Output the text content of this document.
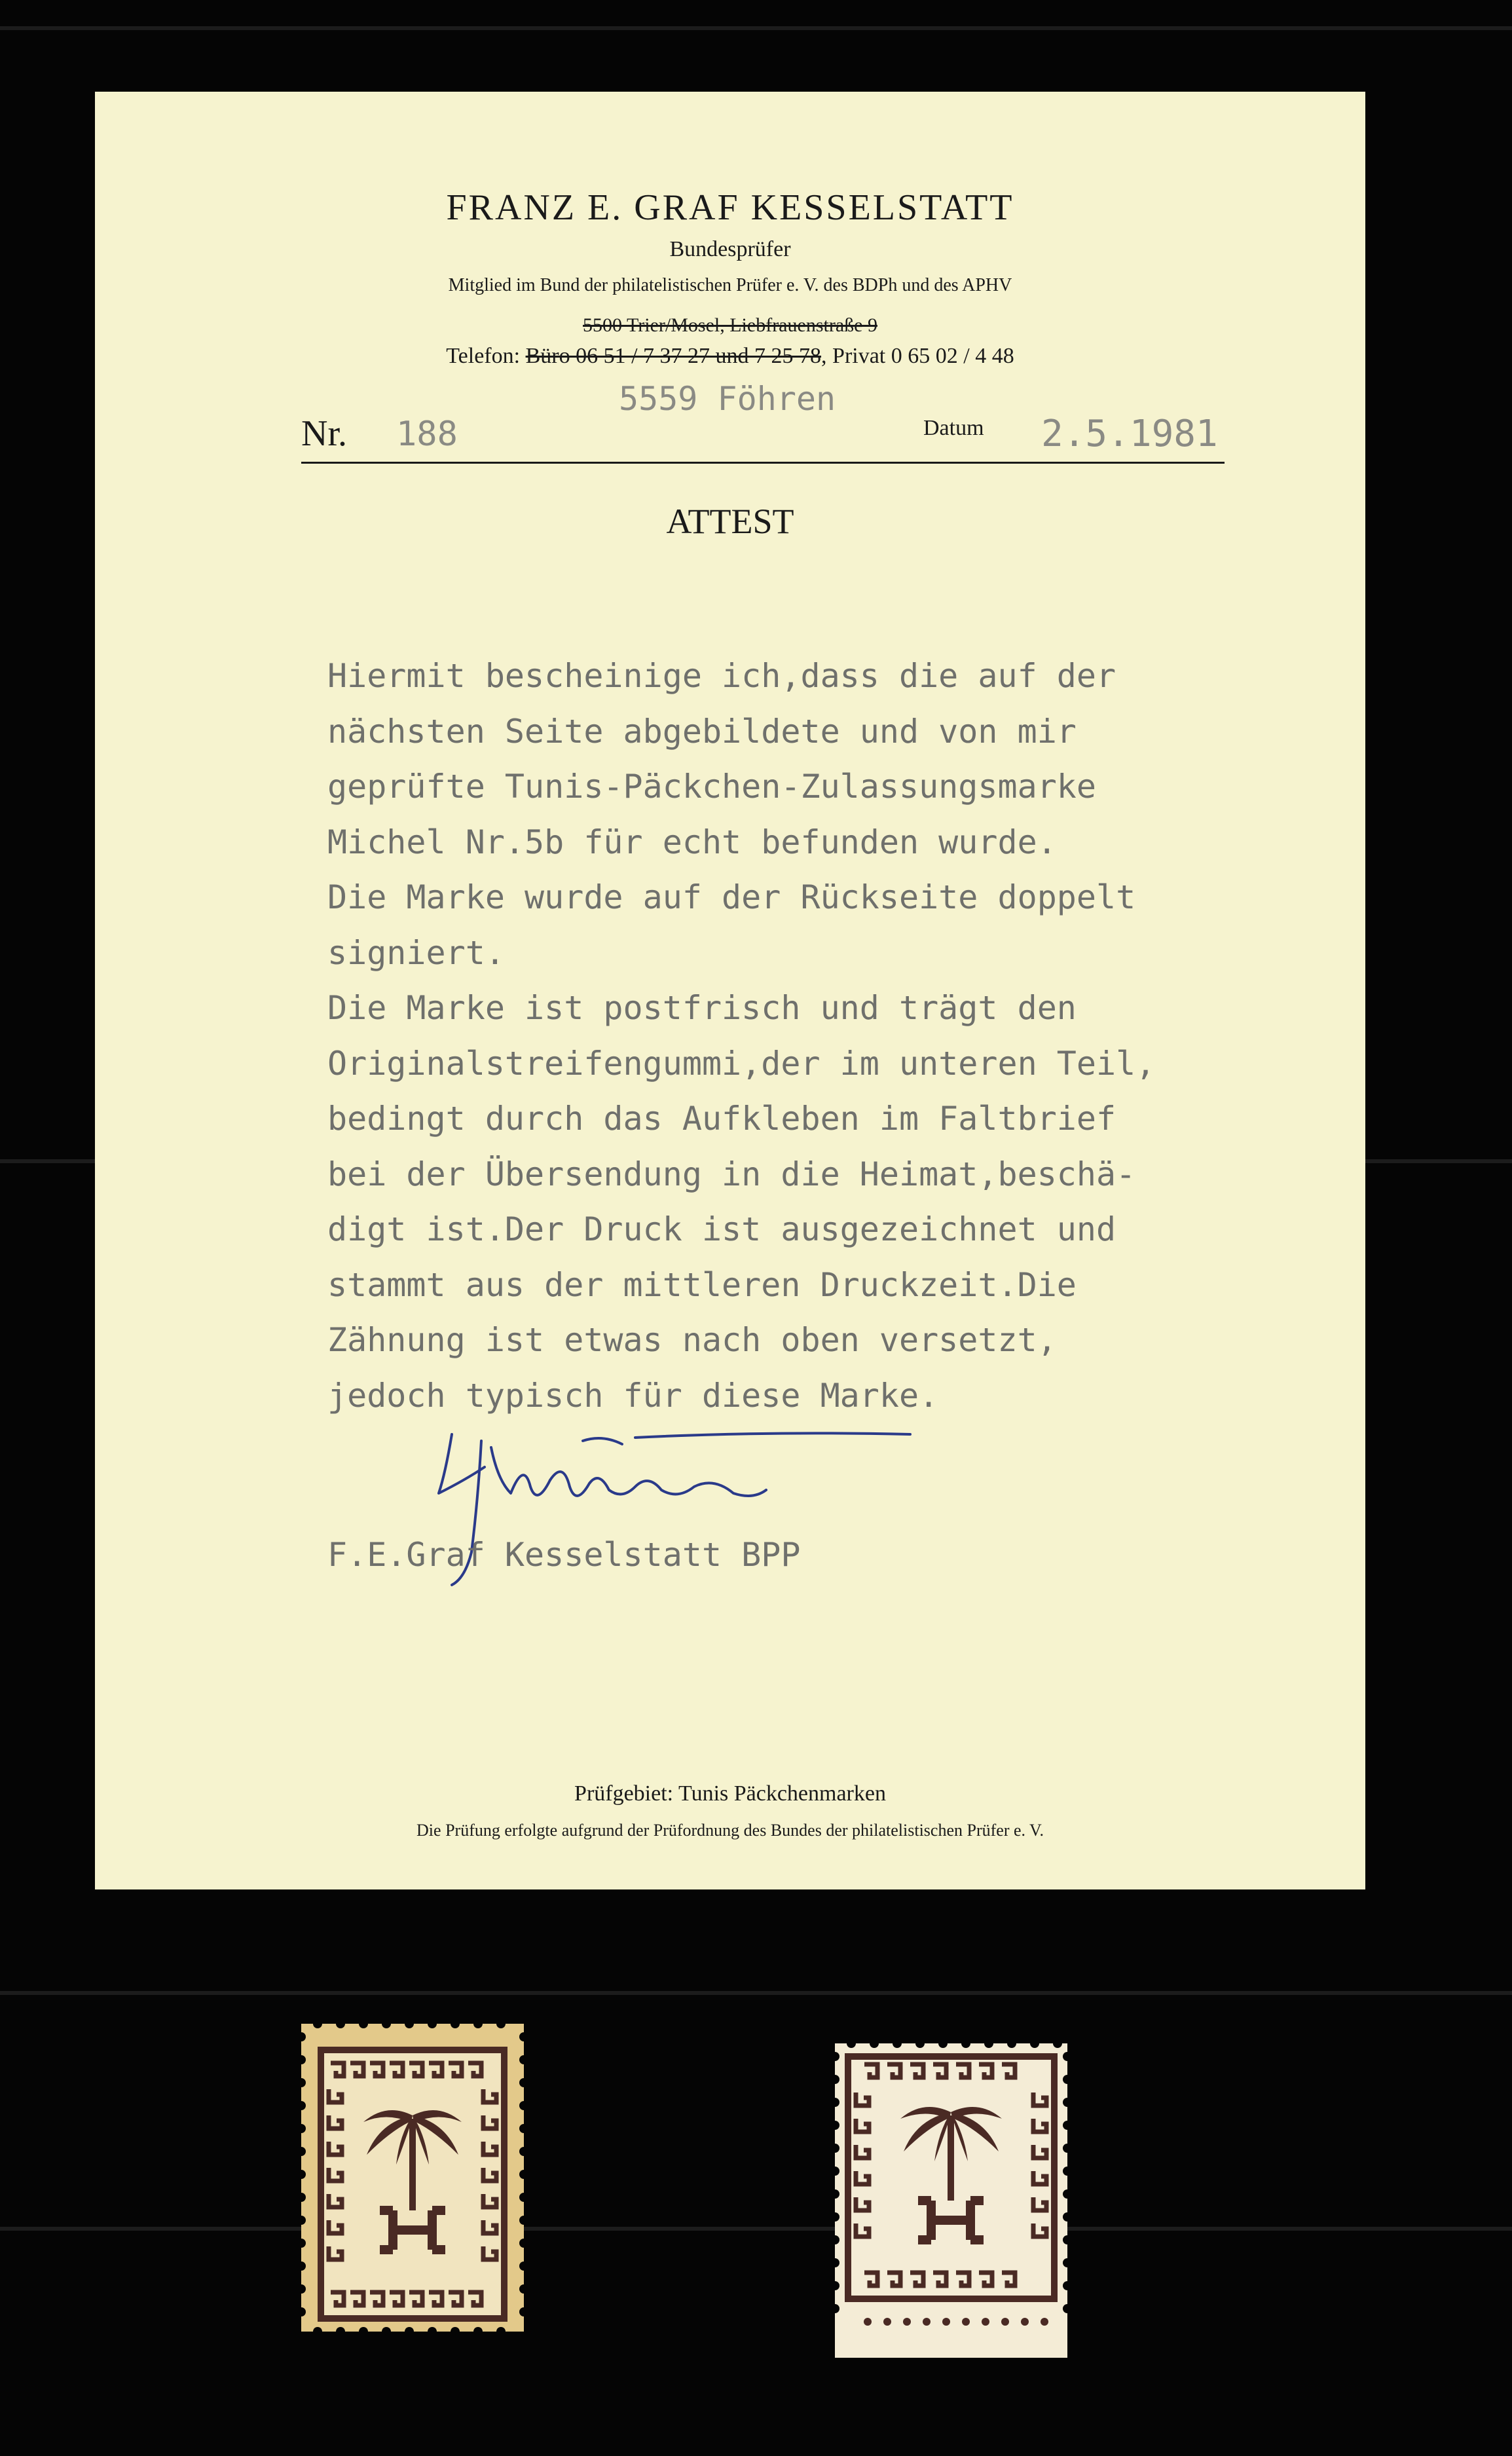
FRANZ E. GRAF KESSELSTATT
Bundesprüfer
Mitglied im Bund der philatelistischen Prüfer e. V. des BDPh und des APHV
5500 Trier/Mosel, Liebfrauenstraße 9
Telefon: Büro 06 51 / 7 37 27 und 7 25 78, Privat 0 65 02 / 4 48
5559 Föhren
Nr. 188	Datum 2.5.1981
ATTEST
Hiermit bescheinige ich,dass die auf der
nächsten Seite abgebildete und von mir
geprüfte Tunis-Päckchen-Zulassungsmarke
Michel Nr.5b für echt befunden wurde.
Die Marke wurde auf der Rückseite doppelt
signiert.
Die Marke ist postfrisch und trägt den
Originalstreifengummi,der im unteren Teil,
bedingt durch das Aufkleben im Faltbrief
bei der Übersendung in die Heimat,beschä-
digt ist.Der Druck ist ausgezeichnet und
stammt aus der mittleren Druckzeit.Die
Zähnung ist etwas nach oben versetzt,
jedoch typisch für diese Marke.
F.E.Graf Kesselstatt BPP
Prüfgebiet: Tunis Päckchenmarken
Die Prüfung erfolgte aufgrund der Prüfordnung des Bundes der philatelistischen Prüfer e. V.
